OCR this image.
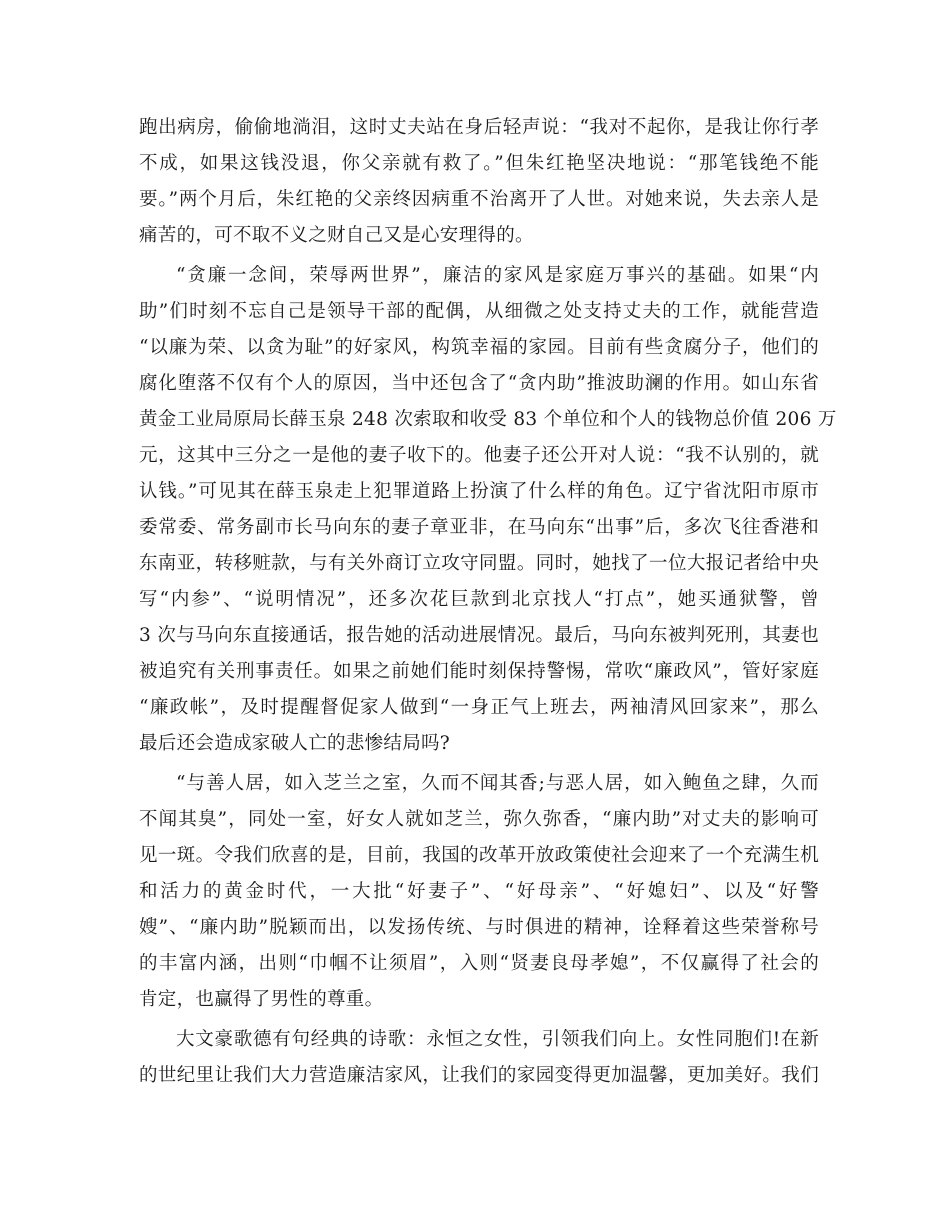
跑出病房，偷偷地淌泪，这时丈夫站在身后轻声说：“我对不起你，是我让你行孝
不成，如果这钱没退，你父亲就有救了。”但朱红艳坚决地说：“那笔钱绝不能
要。”两个月后，朱红艳的父亲终因病重不治离开了人世。对她来说，失去亲人是
痛苦的，可不取不义之财自己又是心安理得的。
“贪廉一念间，荣辱两世界”，廉洁的家风是家庭万事兴的基础。如果“内
助”们时刻不忘自己是领导干部的配偶，从细微之处支持丈夫的工作，就能营造
“以廉为荣、以贪为耻”的好家风，构筑幸福的家园。目前有些贪腐分子，他们的
腐化堕落不仅有个人的原因，当中还包含了“贪内助”推波助澜的作用。如山东省
黄金工业局原局长薛玉泉 248 次索取和收受 83 个单位和个人的钱物总价值 206 万
元，这其中三分之一是他的妻子收下的。他妻子还公开对人说：“我不认别的，就
认钱。”可见其在薛玉泉走上犯罪道路上扮演了什么样的角色。辽宁省沈阳市原市
委常委、常务副市长马向东的妻子章亚非，在马向东“出事”后，多次飞往香港和
东南亚，转移赃款，与有关外商订立攻守同盟。同时，她找了一位大报记者给中央
写“内参”、“说明情况”，还多次花巨款到北京找人“打点”，她买通狱警，曾
3 次与马向东直接通话，报告她的活动进展情况。最后，马向东被判死刑，其妻也
被追究有关刑事责任。如果之前她们能时刻保持警惕，常吹“廉政风”，管好家庭
“廉政帐”，及时提醒督促家人做到“一身正气上班去，两袖清风回家来”，那么
最后还会造成家破人亡的悲惨结局吗?
“与善人居，如入芝兰之室，久而不闻其香;与恶人居，如入鲍鱼之肆，久而
不闻其臭”，同处一室，好女人就如芝兰，弥久弥香，“廉内助”对丈夫的影响可
见一斑。令我们欣喜的是，目前，我国的改革开放政策使社会迎来了一个充满生机
和活力的黄金时代，一大批“好妻子”、“好母亲”、“好媳妇”、以及“好警
嫂”、“廉内助”脱颖而出，以发扬传统、与时俱进的精神，诠释着这些荣誉称号
的丰富内涵，出则“巾帼不让须眉”，入则“贤妻良母孝媳”，不仅赢得了社会的
肯定，也赢得了男性的尊重。
大文豪歌德有句经典的诗歌：永恒之女性，引领我们向上。女性同胞们!在新
的世纪里让我们大力营造廉洁家风，让我们的家园变得更加温馨，更加美好。我们
